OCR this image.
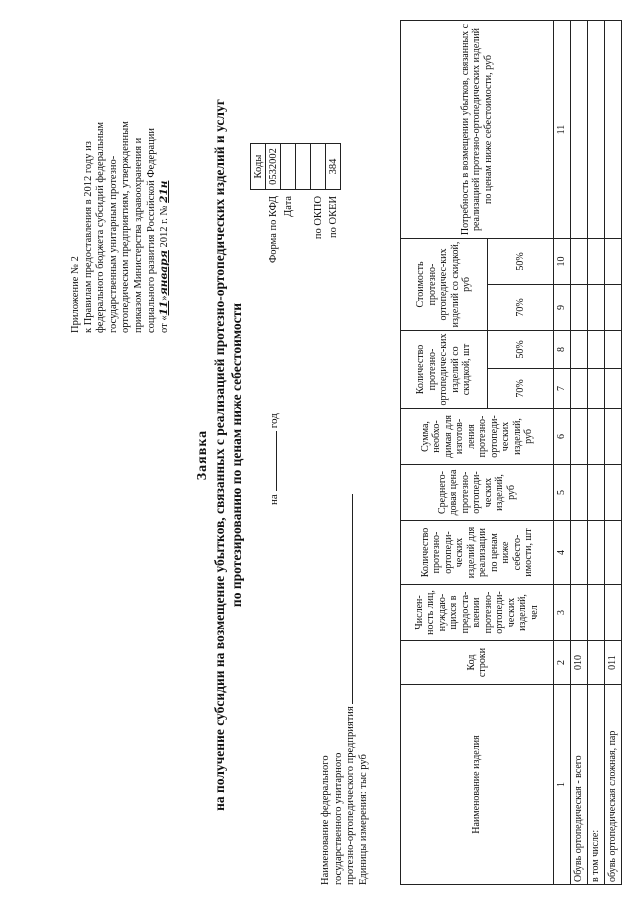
Приложение № 2 к Правилам предоставления в 2012 году из федерального бюджета субсидий федеральным государственным унитарным протезно- ортопедическим предприятиям, утвержденным приказом Министерства здравоохранения и социального развития Российской Федерации от «11»января 2012 г. № 21н
Заявка на получение субсидии на возмещение убытков, связанных с реализацией протезно-ортопедических изделий и услуг по протезированию по ценам ниже себестоимости нагод
	Коды
Форма по КФД	0532002
Дата	

по ОКПО	
по ОКЕИ	384
Наименование федерального государственного унитарного протезно-ортопедического предприятия Единицы измерения: тыс руб	Наименование изделия	Код строки	Числен-ность лиц, нуждаю-щихся в предоста-влении протезно-ортопеди-ческих изделий, чел	Количество протезно-ортопеди-ческих изделий для реализации по ценам ниже себесто-имости, шт	Среднего-довая цена протезно-ортопеди-ческих изделий, руб	Сумма, необхо-димая для изготов-ления протезно-ортопеди-ческих изделий, руб	Количество протезно-ортопедичес-ких изделий со скидкой, шт		Стоимость протезно-ортопедичес-ких изделий со скидкой, руб		Потребность в возмещении убытков, связанных с реализацией протезно-ортопедических изделий по ценам ниже себестоимости, руб
						70%	50%	70%	50%	
1	2	3	4	5	6	7	8	9	10	11
Обувь ортопедическая - всего	010									
в том числе:										
обувь ортопедическая сложная, пар	011									
